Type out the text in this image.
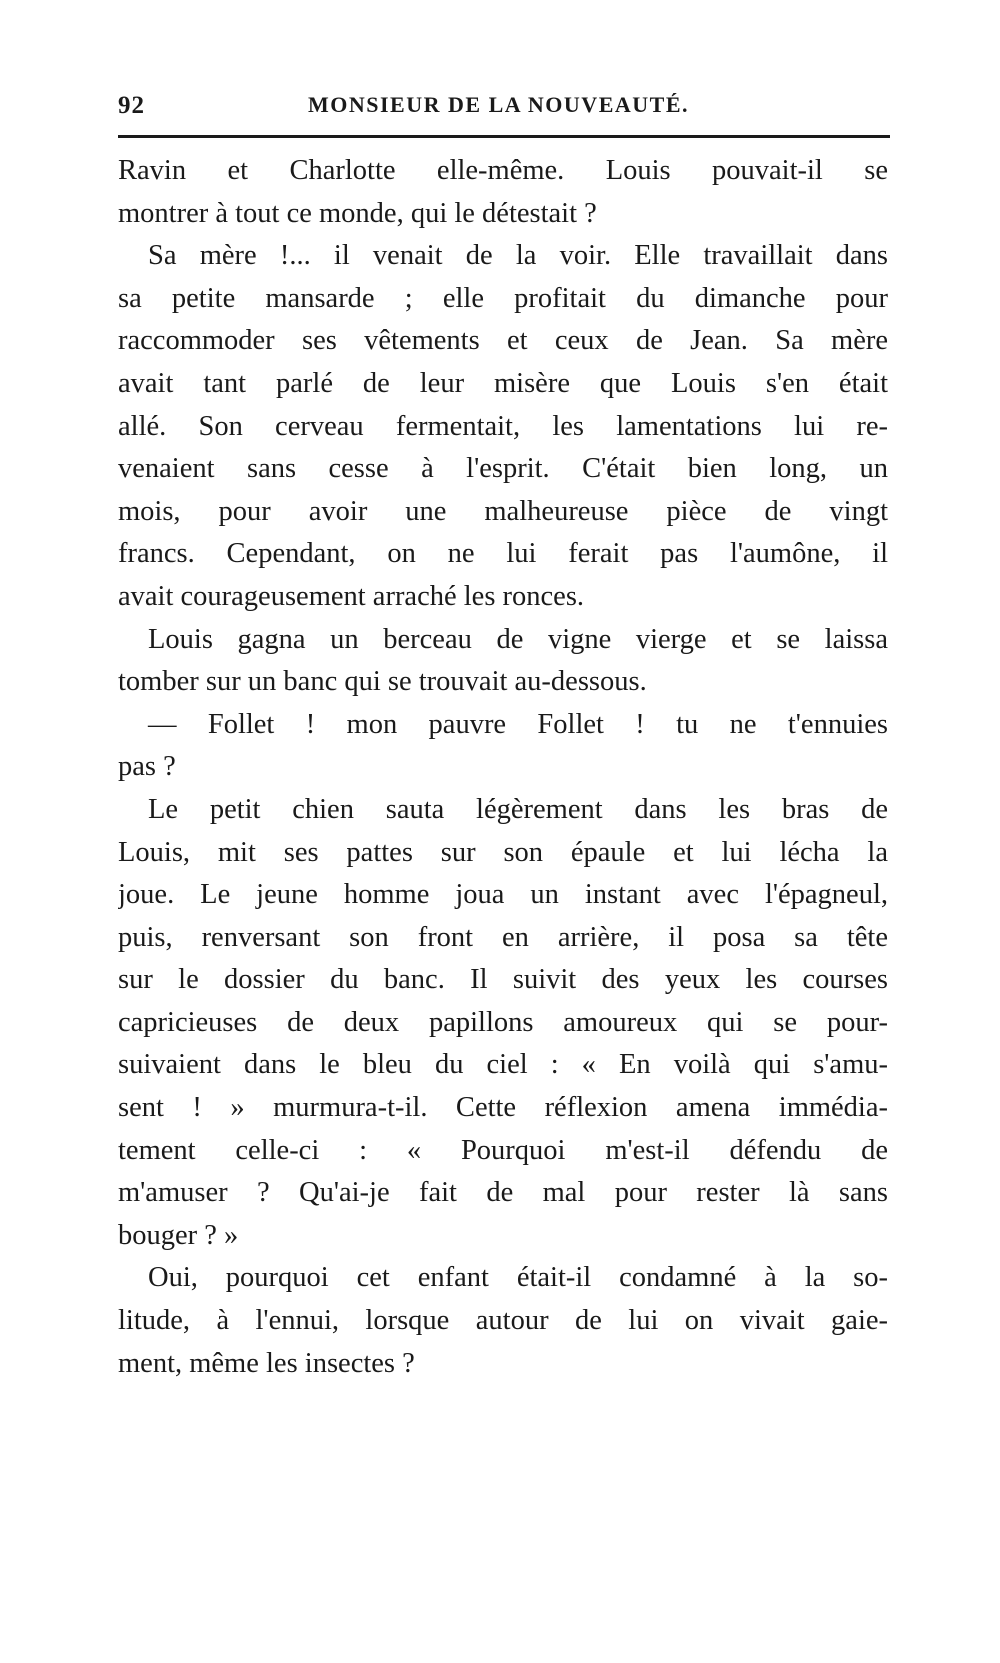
92	MONSIEUR DE LA NOUVEAUTÉ.
Ravin et Charlotte elle-même. Louis pouvait-il se
montrer à tout ce monde, qui le détestait ?
Sa mère !... il venait de la voir. Elle travaillait dans
sa petite mansarde ; elle profitait du dimanche pour
raccommoder ses vêtements et ceux de Jean. Sa mère
avait tant parlé de leur misère que Louis s'en était
allé. Son cerveau fermentait, les lamentations lui re-
venaient sans cesse à l'esprit. C'était bien long, un
mois, pour avoir une malheureuse pièce de vingt
francs. Cependant, on ne lui ferait pas l'aumône, il
avait courageusement arraché les ronces.
Louis gagna un berceau de vigne vierge et se laissa
tomber sur un banc qui se trouvait au-dessous.
— Follet ! mon pauvre Follet ! tu ne t'ennuies
pas ?
Le petit chien sauta légèrement dans les bras de
Louis, mit ses pattes sur son épaule et lui lécha la
joue. Le jeune homme joua un instant avec l'épagneul,
puis, renversant son front en arrière, il posa sa tête
sur le dossier du banc. Il suivit des yeux les courses
capricieuses de deux papillons amoureux qui se pour-
suivaient dans le bleu du ciel : « En voilà qui s'amu-
sent ! » murmura-t-il. Cette réflexion amena immédia-
tement celle-ci : « Pourquoi m'est-il défendu de
m'amuser ? Qu'ai-je fait de mal pour rester là sans
bouger ? »
Oui, pourquoi cet enfant était-il condamné à la so-
litude, à l'ennui, lorsque autour de lui on vivait gaie-
ment, même les insectes ?
